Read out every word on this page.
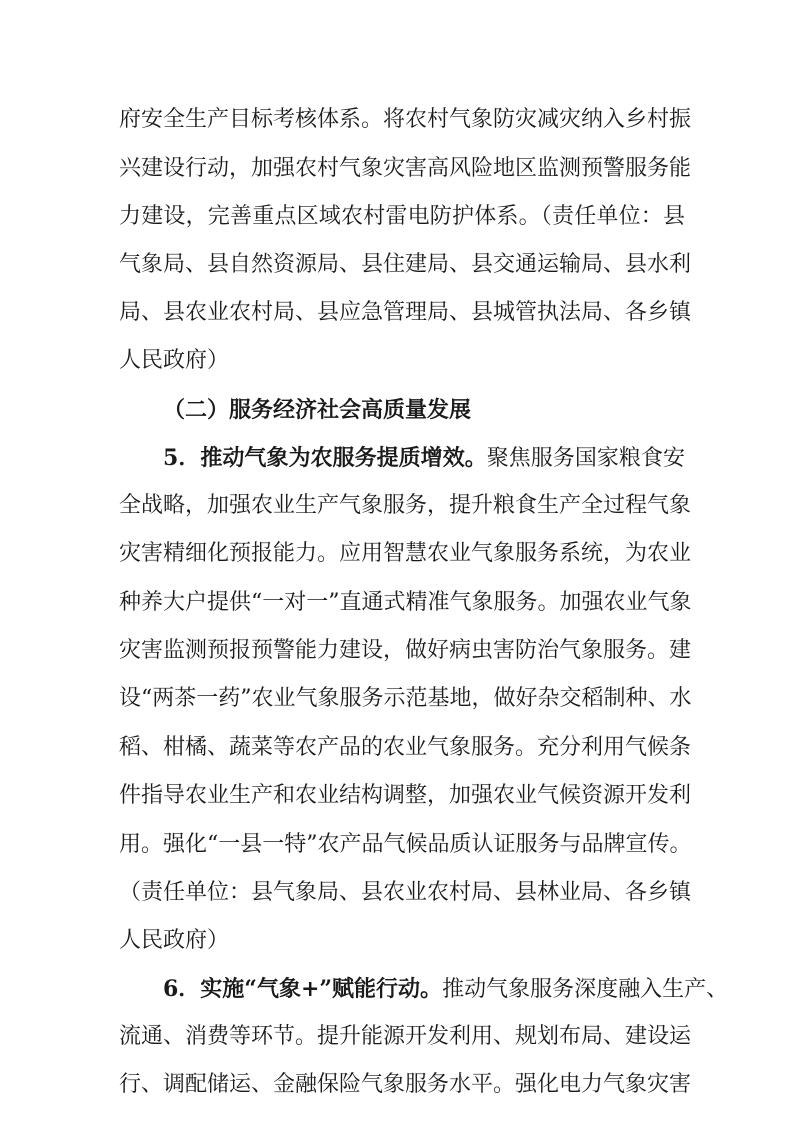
府安全生产目标考核体系。将农村气象防灾减灾纳入乡村振
兴建设行动，加强农村气象灾害高风险地区监测预警服务能
力建设，完善重点区域农村雷电防护体系。（责任单位：县
气象局、县自然资源局、县住建局、县交通运输局、县水利
局、县农业农村局、县应急管理局、县城管执法局、各乡镇
人民政府）
（二）服务经济社会高质量发展
5．推动气象为农服务提质增效。聚焦服务国家粮食安
全战略，加强农业生产气象服务，提升粮食生产全过程气象
灾害精细化预报能力。应用智慧农业气象服务系统，为农业
种养大户提供“一对一”直通式精准气象服务。加强农业气象
灾害监测预报预警能力建设，做好病虫害防治气象服务。建
设“两茶一药”农业气象服务示范基地，做好杂交稻制种、水
稻、柑橘、蔬菜等农产品的农业气象服务。充分利用气候条
件指导农业生产和农业结构调整，加强农业气候资源开发利
用。强化“一县一特”农产品气候品质认证服务与品牌宣传。
（责任单位：县气象局、县农业农村局、县林业局、各乡镇
人民政府）
6．实施“气象+”赋能行动。推动气象服务深度融入生产、
流通、消费等环节。提升能源开发利用、规划布局、建设运
行、调配储运、金融保险气象服务水平。强化电力气象灾害
